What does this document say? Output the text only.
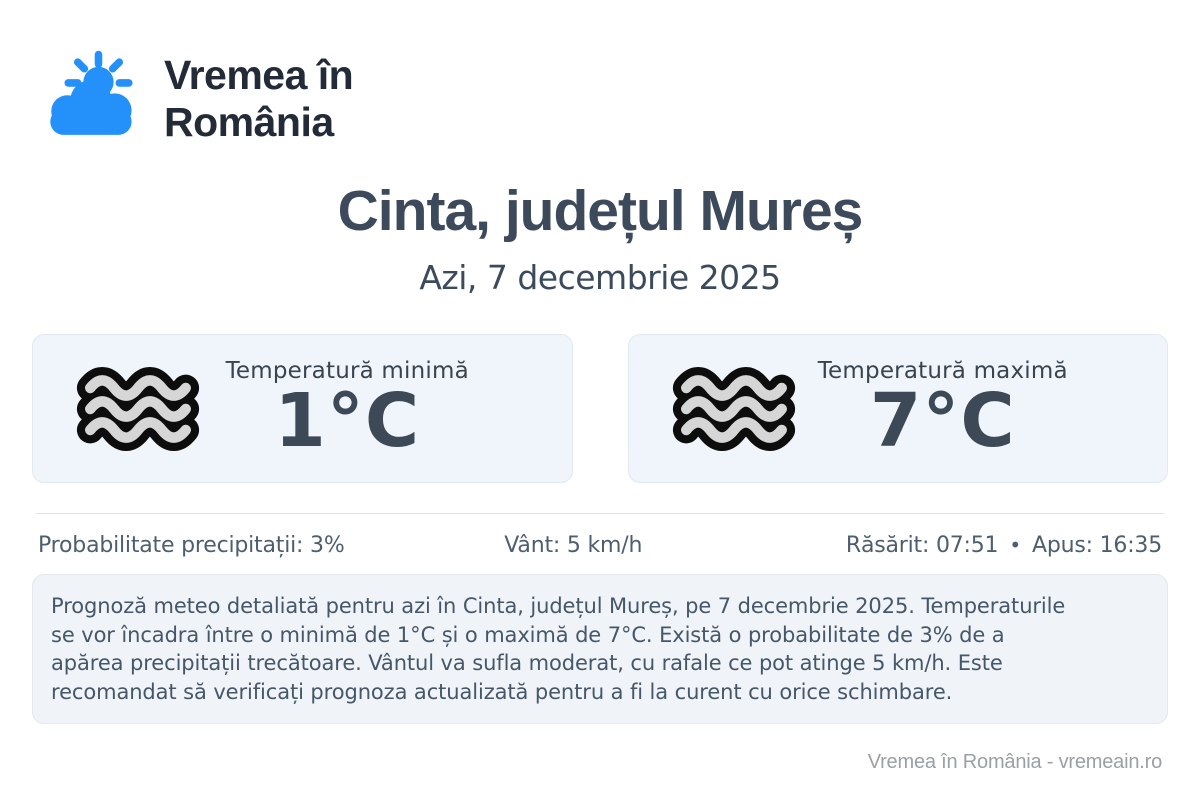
Vremea în
România
Cinta, județul Mureș
Azi, 7 decembrie 2025
Temperatură minimă
1°C
Temperatură maximă
7°C
Probabilitate precipitații: 3%	Vânt: 5 km/h	Răsărit: 07:51 • Apus: 16:35
Prognoză meteo detaliată pentru azi în Cinta, județul Mureș, pe 7 decembrie 2025. Temperaturile
se vor încadra între o minimă de 1°C și o maximă de 7°C. Există o probabilitate de 3% de a
apărea precipitații trecătoare. Vântul va sufla moderat, cu rafale ce pot atinge 5 km/h. Este
recomandat să verificați prognoza actualizată pentru a fi la curent cu orice schimbare.
Vremea în România - vremeain.ro
